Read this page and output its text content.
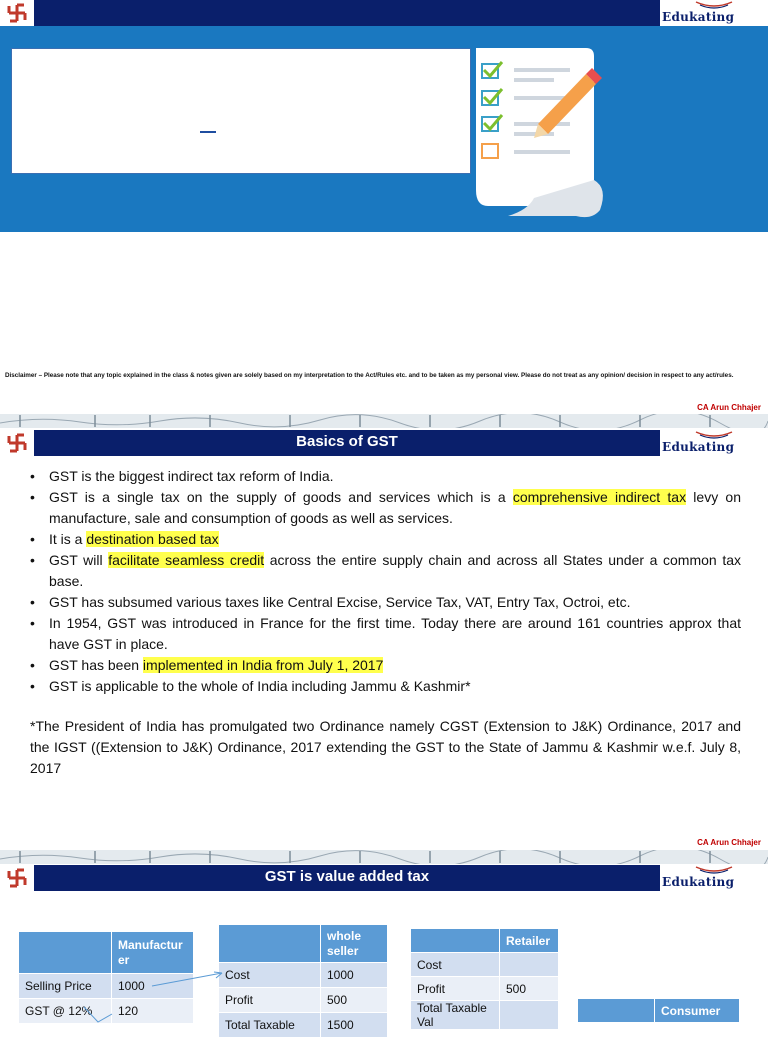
Edukating
Disclaimer – Please note that any topic explained in the class & notes given are solely based on my interpretation to the Act/Rules etc. and to be taken as my personal view. Please do not treat as any opinion/ decision in respect to any act/rules.
CA Arun Chhajer
Basics of GST	Edukating
• GST is the biggest indirect tax reform of India.
• GST is a single tax on the supply of goods and services which is a comprehensive indirect tax levy on manufacture, sale and consumption of goods as well as services.
• It is a destination based tax
• GST will facilitate seamless credit across the entire supply chain and across all States under a common tax base.
• GST has subsumed various taxes like Central Excise, Service Tax, VAT, Entry Tax, Octroi, etc.
• In 1954, GST was introduced in France for the first time. Today there are around 161 countries approx that have GST in place.
• GST has been implemented in India from July 1, 2017
• GST is applicable to the whole of India including Jammu & Kashmir*
*The President of India has promulgated two Ordinance namely CGST (Extension to J&K) Ordinance, 2017 and the IGST ((Extension to J&K) Ordinance, 2017 extending the GST to the State of Jammu & Kashmir w.e.f. July 8, 2017
CA Arun Chhajer
GST is value added tax	Edukating
	Manufactur er
Selling Price	1000
GST @ 12%	120
	whole seller
Cost	1000
Profit	500
Total Taxable	1500
	Retailer
Cost	
Profit	500
Total Taxable Val	
	Consumer
